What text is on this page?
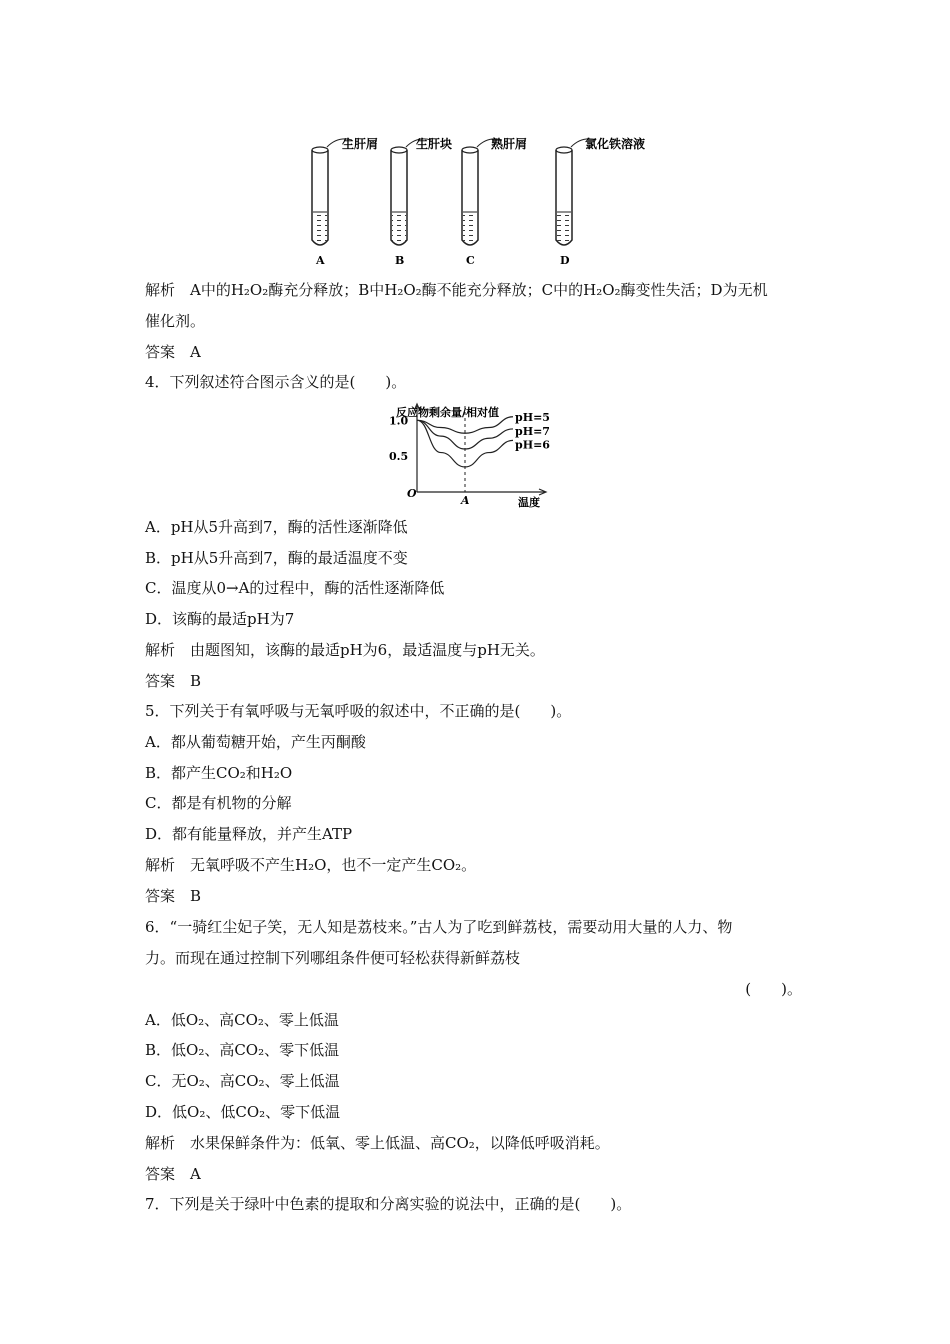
生肝屑	生肝块	熟肝屑	氯化铁溶液
A	B	C	D
解析　A中的H₂O₂酶充分释放；B中H₂O₂酶不能充分释放；C中的H₂O₂酶变性失活；D为无机
催化剂。
答案　A
4．下列叙述符合图示含义的是(　　)。
反应物剩余量/相对值
温度
O
A
1.0
0.5
pH=5
pH=7
pH=6
A．pH从5升高到7，酶的活性逐渐降低
B．pH从5升高到7，酶的最适温度不变
C．温度从0→A的过程中，酶的活性逐渐降低
D．该酶的最适pH为7
解析　由题图知，该酶的最适pH为6，最适温度与pH无关。
答案　B
5．下列关于有氧呼吸与无氧呼吸的叙述中，不正确的是(　　)。
A．都从葡萄糖开始，产生丙酮酸
B．都产生CO₂和H₂O
C．都是有机物的分解
D．都有能量释放，并产生ATP
解析　无氧呼吸不产生H₂O，也不一定产生CO₂。
答案　B
6．“一骑红尘妃子笑，无人知是荔枝来。”古人为了吃到鲜荔枝，需要动用大量的人力、物
力。而现在通过控制下列哪组条件便可轻松获得新鲜荔枝
(　　)。
A．低O₂、高CO₂、零上低温
B．低O₂、高CO₂、零下低温
C．无O₂、高CO₂、零上低温
D．低O₂、低CO₂、零下低温
解析　水果保鲜条件为：低氧、零上低温、高CO₂，以降低呼吸消耗。
答案　A
7．下列是关于绿叶中色素的提取和分离实验的说法中，正确的是(　　)。
